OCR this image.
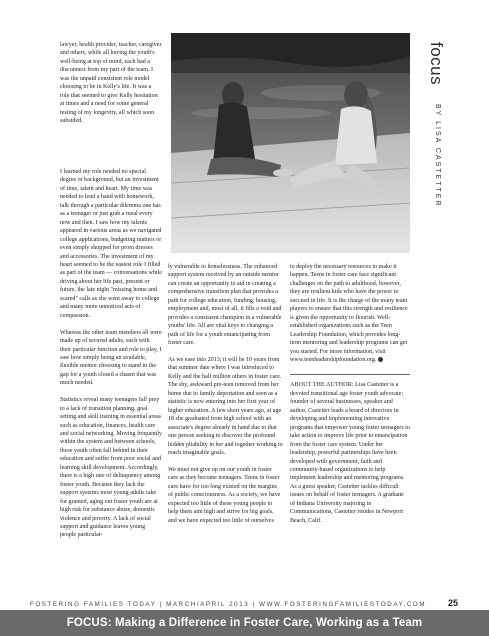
lawyer, health provider, teacher, caregiver and others, while all having the youth's well-being at top of mind, each had a disconnect from my part of the team. I was the unpaid consistent role model choosing to be in Kelly's life. It was a role that seemed to give Kelly hesitation at times and a need for some general testing of my longevity, all which soon subsided.

I learned my role needed no special degree or background, but an investment of time, talent and heart. My time was needed to lend a hand with homework, talk through a particular dilemma one has as a teenager or just grab a meal every now and then. I saw how my talents appeared in various areas as we navigated college applications, budgeting matters or even simply shopped for prom dresses and accessories. The investment of my heart seemed to be the easiest role I filled as part of the team — conversations while driving about her life past, present or future, the late night "missing home and scared" calls as she went away to college and many more unnoticed acts of compassion.

Whereas the other team members all were made up of secured adults, each with their particular function and role to play, I saw how simply being an available, flexible mentor choosing to stand in the gap for a youth closed a chasm that was much needed.

Statistics reveal many teenagers fall prey to a lack of transition planning, goal setting and skill training in essential areas such as education, finances, health care and social networking. Moving frequently within the system and between schools, these youth often fall behind in their education and suffer from poor social and learning skill development. Accordingly, there is a high rate of delinquency among foster youth. Because they lack the support systems most young adults take for granted, aging out foster youth are at high risk for substance abuse, domestic violence and poverty. A lack of social support and guidance leaves young people particular-

focus
BY LISA CASTETTER

ly vulnerable to homelessness. The enhanced support system received by an outside mentor can create an opportunity to aid in creating a comprehensive transition plan that provides a path for college education, funding, housing, employment and, most of all, it fills a void and provides a consistent champion in a vulnerable youths' life. All are vital keys to changing a path of life for a youth emancipating from foster care.

As we ease into 2013; it will be 10 years from that summer date where I was introduced to Kelly and the half million others in foster care. The shy, awkward pre-teen removed from her home due to family deportation and seen as a statistic is now entering into her first year of higher education. A few short years ago, at age 18 she graduated from high school with an associate's degree already in hand due to that one person seeking to discover the profound hidden pliability in her and together working to reach imaginable goals.

We must not give up on our youth in foster care as they become teenagers. Teens in foster care have for too long existed on the margins of public consciousness. As a society, we have expected too little of these young people to help them aim high and strive for big goals, and we have expected too little of ourselves

to deploy the necessary resources to make it happen. Teens in foster care face significant challenges on the path to adulthood, however, they are resilient kids who have the power to succeed in life. It is the charge of the many team players to ensure that this strength and resilience is given the opportunity to flourish. Well-established organizations such as the Teen Leadership Foundation, which provides long-term mentoring and leadership programs can get you started. For more information, visit www.teenleadershipfoundation.org.

ABOUT THE AUTHOR: Lisa Castetter is a devoted transitional age foster youth advocate; founder of several businesses, speaker and author. Castetter leads a board of directors in developing and implementing innovative programs that empower young foster teenagers to take action to improve life prior to emancipation from the foster care system. Under her leadership, powerful partnerships have been developed with government, faith and community-based organizations to help implement leadership and mentoring programs. As a guest speaker, Castetter tackles difficult issues on behalf of foster teenagers. A graduate of Indiana University majoring in Communications, Castetter resides in Newport Beach, Calif.

FOSTERING FAMILIES TODAY | MARCH/APRIL 2013 | WWW.FOSTERINGFAMILIESTODAY.COM	25
FOCUS: Making a Difference in Foster Care, Working as a Team
